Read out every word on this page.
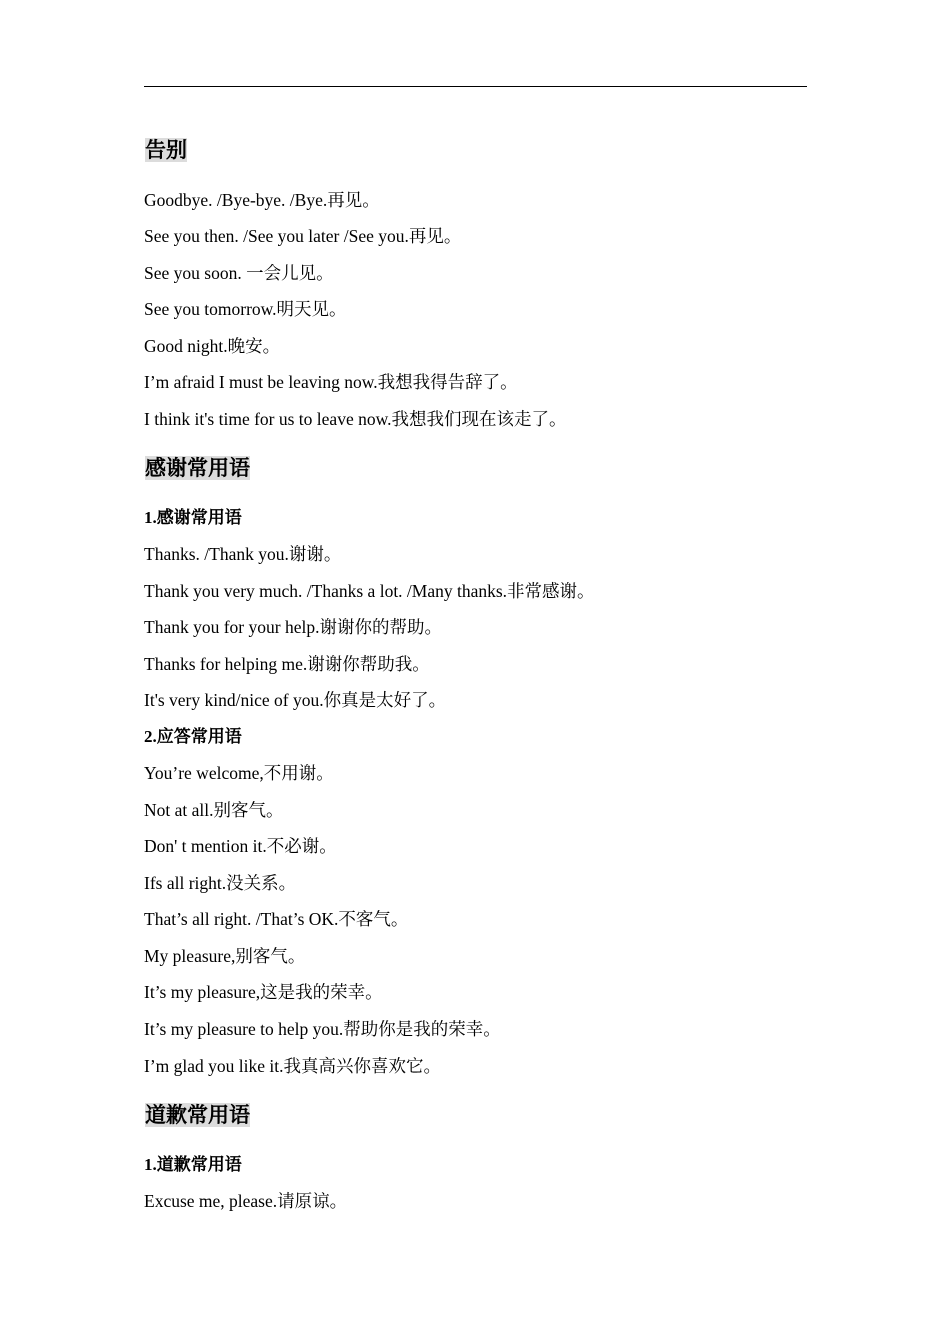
告别
Goodbye. /Bye-bye. /Bye.再见。
See you then. /See you later /See you.再见。
See you soon. 一会儿见。
See you tomorrow.明天见。
Good night.晚安。
I’m afraid I must be leaving now.我想我得告辞了。
I think it's time for us to leave now.我想我们现在该走了。
感谢常用语
1.感谢常用语
Thanks. /Thank you.谢谢。
Thank you very much. /Thanks a lot. /Many thanks.非常感谢。
Thank you for your help.谢谢你的帮助。
Thanks for helping me.谢谢你帮助我。
It's very kind/nice of you.你真是太好了。
2.应答常用语
You’re welcome,不用谢。
Not at all.别客气。
Don' t mention it.不必谢。
Ifs all right.没关系。
That’s all right. /That’s OK.不客气。
My pleasure,别客气。
It’s my pleasure,这是我的荣幸。
It’s my pleasure to help you.帮助你是我的荣幸。
I’m glad you like it.我真高兴你喜欢它。
道歉常用语
1.道歉常用语
Excuse me, please.请原谅。
